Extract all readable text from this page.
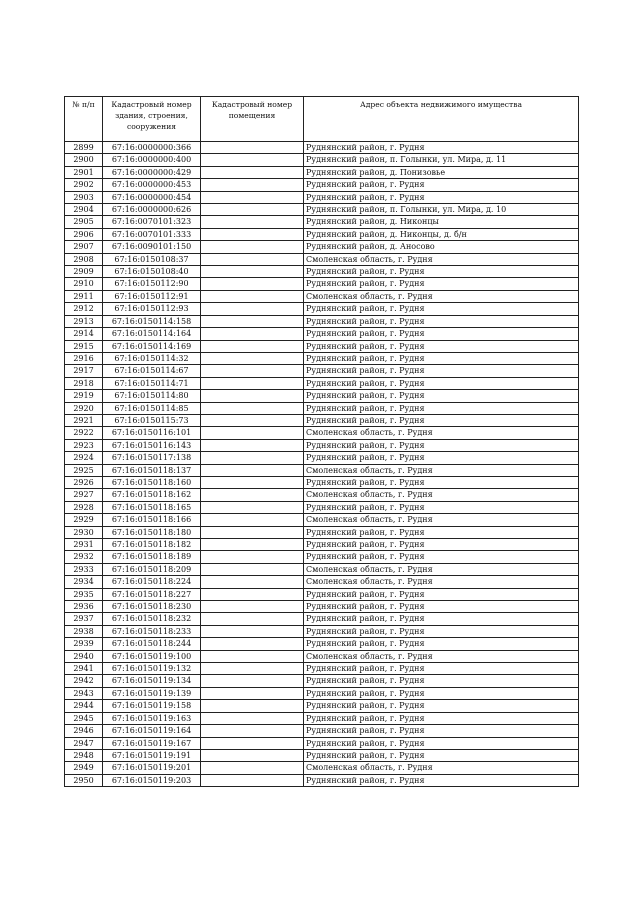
№ п/п	Кадастровый номер здания, строения, сооружения	Кадастровый номер помещения	Адрес объекта недвижимого имущества
2899	67:16:0000000:366		Руднянский район, г. Рудня
2900	67:16:0000000:400		Руднянский район, п. Голынки, ул. Мира, д. 11
2901	67:16:0000000:429		Руднянский район, д. Понизовье
2902	67:16:0000000:453		Руднянский район, г. Рудня
2903	67:16:0000000:454		Руднянский район, г. Рудня
2904	67:16:0000000:626		Руднянский район, п. Голынки, ул. Мира, д. 10
2905	67:16:0070101:323		Руднянский район, д. Никонцы
2906	67:16:0070101:333		Руднянский район, д. Никонцы, д. б/н
2907	67:16:0090101:150		Руднянский район, д. Аносово
2908	67:16:0150108:37		Смоленская область, г. Рудня
2909	67:16:0150108:40		Руднянский район, г. Рудня
2910	67:16:0150112:90		Руднянский район, г. Рудня
2911	67:16:0150112:91		Смоленская область, г. Рудня
2912	67:16:0150112:93		Руднянский район, г. Рудня
2913	67:16:0150114:158		Руднянский район, г. Рудня
2914	67:16:0150114:164		Руднянский район, г. Рудня
2915	67:16:0150114:169		Руднянский район, г. Рудня
2916	67:16:0150114:32		Руднянский район, г. Рудня
2917	67:16:0150114:67		Руднянский район, г. Рудня
2918	67:16:0150114:71		Руднянский район, г. Рудня
2919	67:16:0150114:80		Руднянский район, г. Рудня
2920	67:16:0150114:85		Руднянский район, г. Рудня
2921	67:16:0150115:73		Руднянский район, г. Рудня
2922	67:16:0150116:101		Смоленская область, г. Рудня
2923	67:16:0150116:143		Руднянский район, г. Рудня
2924	67:16:0150117:138		Руднянский район, г. Рудня
2925	67:16:0150118:137		Смоленская область, г. Рудня
2926	67:16:0150118:160		Руднянский район, г. Рудня
2927	67:16:0150118:162		Смоленская область, г. Рудня
2928	67:16:0150118:165		Руднянский район, г. Рудня
2929	67:16:0150118:166		Смоленская область, г. Рудня
2930	67:16:0150118:180		Руднянский район, г. Рудня
2931	67:16:0150118:182		Руднянский район, г. Рудня
2932	67:16:0150118:189		Руднянский район, г. Рудня
2933	67:16:0150118:209		Смоленская область, г. Рудня
2934	67:16:0150118:224		Смоленская область, г. Рудня
2935	67:16:0150118:227		Руднянский район, г. Рудня
2936	67:16:0150118:230		Руднянский район, г. Рудня
2937	67:16:0150118:232		Руднянский район, г. Рудня
2938	67:16:0150118:233		Руднянский район, г. Рудня
2939	67:16:0150118:244		Руднянский район, г. Рудня
2940	67:16:0150119:100		Смоленская область, г. Рудня
2941	67:16:0150119:132		Руднянский район, г. Рудня
2942	67:16:0150119:134		Руднянский район, г. Рудня
2943	67:16:0150119:139		Руднянский район, г. Рудня
2944	67:16:0150119:158		Руднянский район, г. Рудня
2945	67:16:0150119:163		Руднянский район, г. Рудня
2946	67:16:0150119:164		Руднянский район, г. Рудня
2947	67:16:0150119:167		Руднянский район, г. Рудня
2948	67:16:0150119:191		Руднянский район, г. Рудня
2949	67:16:0150119:201		Смоленская область, г. Рудня
2950	67:16:0150119:203		Руднянский район, г. Рудня
